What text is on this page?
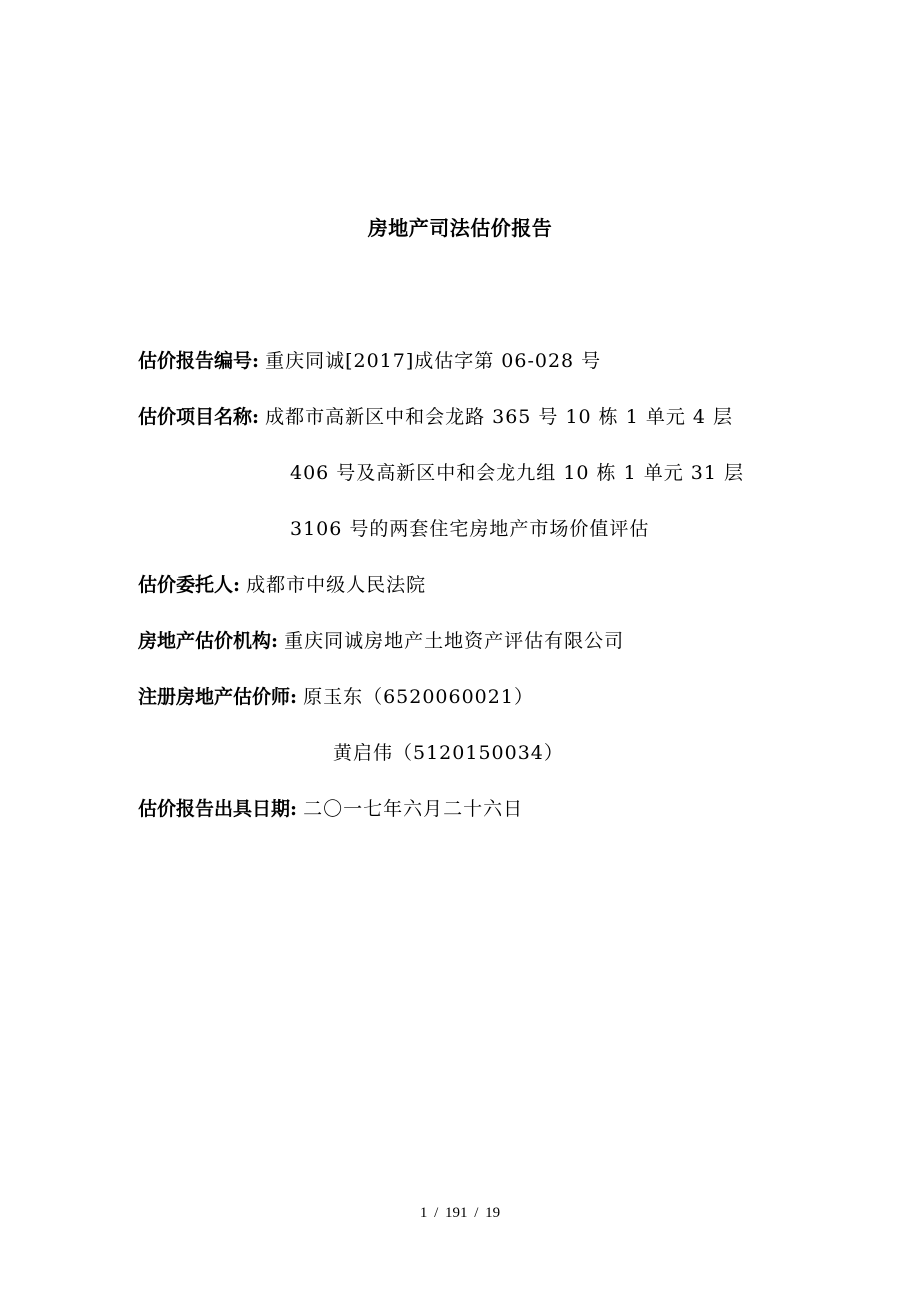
房地产司法估价报告
估价报告编号: 重庆同诚[2017]成估字第 06-028 号
估价项目名称: 成都市高新区中和会龙路 365 号 10 栋 1 单元 4 层
406 号及高新区中和会龙九组 10 栋 1 单元 31 层
3106 号的两套住宅房地产市场价值评估
估价委托人: 成都市中级人民法院
房地产估价机构: 重庆同诚房地产土地资产评估有限公司
注册房地产估价师: 原玉东（6520060021）
黄启伟（5120150034）
估价报告出具日期: 二〇一七年六月二十六日
1 / 191 / 19
